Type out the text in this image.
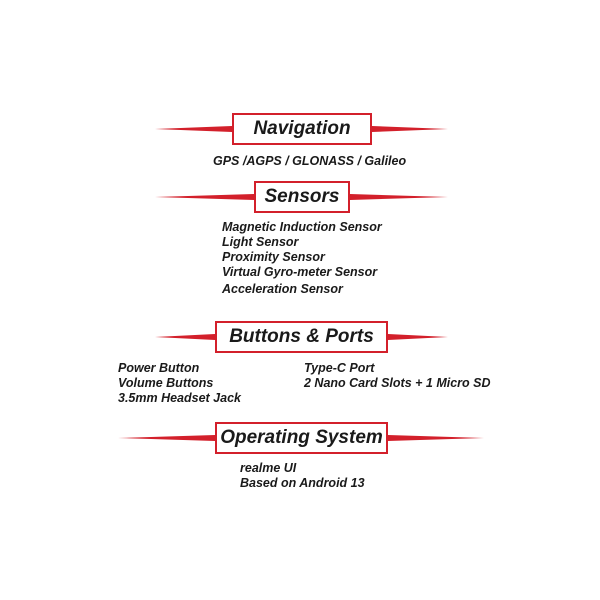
Navigation
GPS /AGPS / GLONASS / Galileo
Sensors
Magnetic Induction Sensor
Light Sensor
Proximity Sensor
Virtual Gyro-meter Sensor
Acceleration Sensor
Buttons & Ports
Power Button
Volume Buttons
3.5mm Headset Jack
Type-C Port
2 Nano Card Slots + 1 Micro SD
Operating System
realme UI
Based on Android 13
